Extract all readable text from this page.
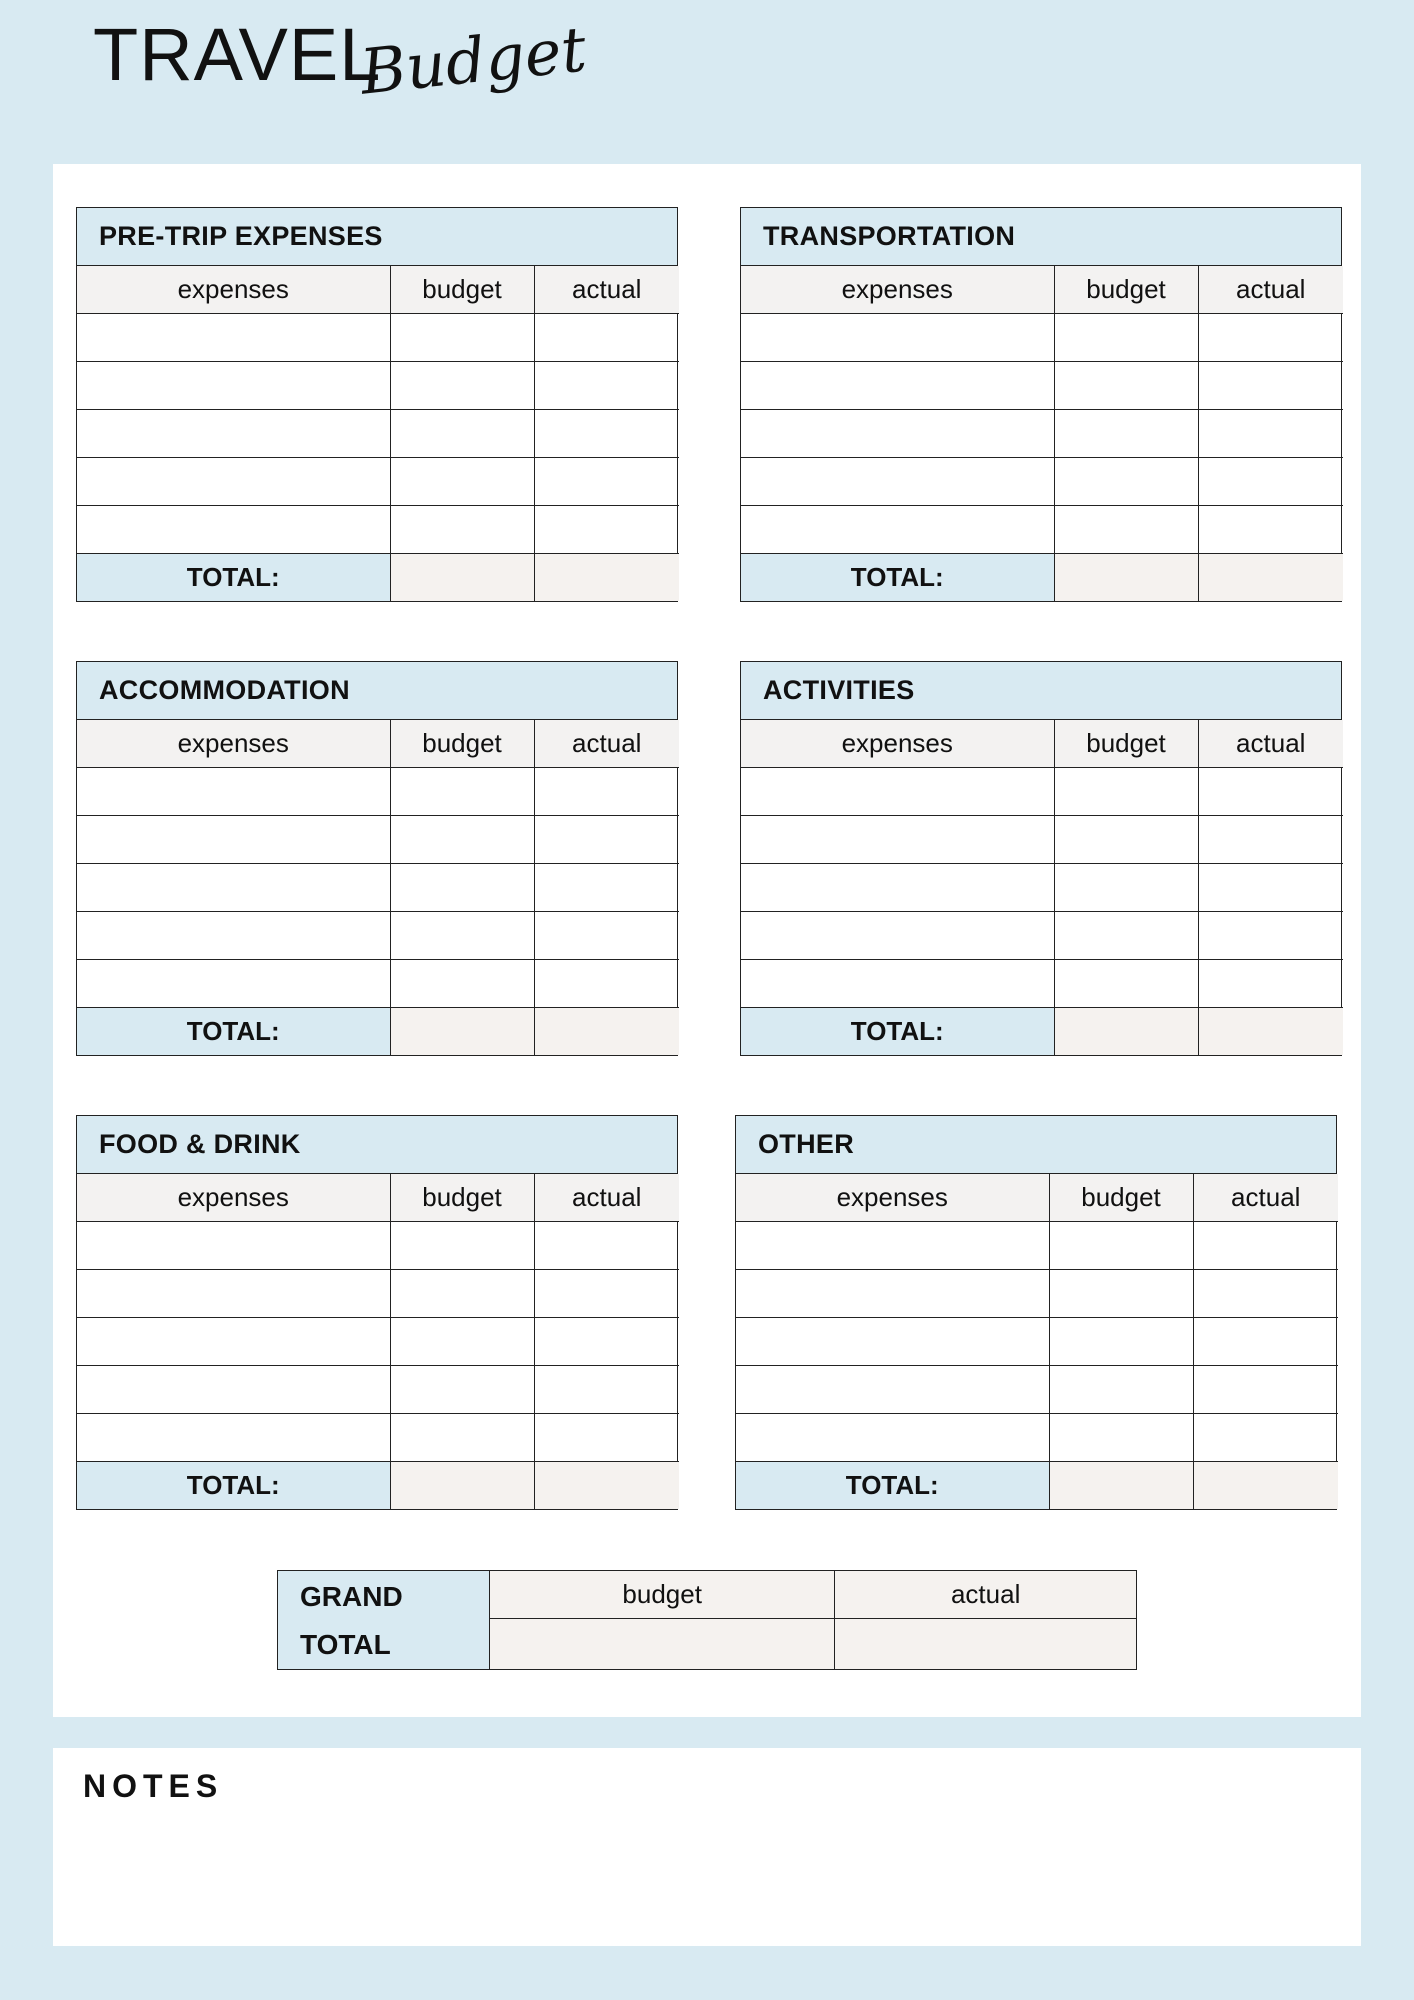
TRAVEL
Budget
PRE-TRIP EXPENSES
expenses	budget	actual

TOTAL:		
TRANSPORTATION
expenses	budget	actual

TOTAL:		
ACCOMMODATION
expenses	budget	actual

TOTAL:		
ACTIVITIES
expenses	budget	actual

TOTAL:		
FOOD & DRINK
expenses	budget	actual

TOTAL:		
OTHER
expenses	budget	actual

TOTAL:		
GRAND
TOTAL
budget	actual

NOTES
